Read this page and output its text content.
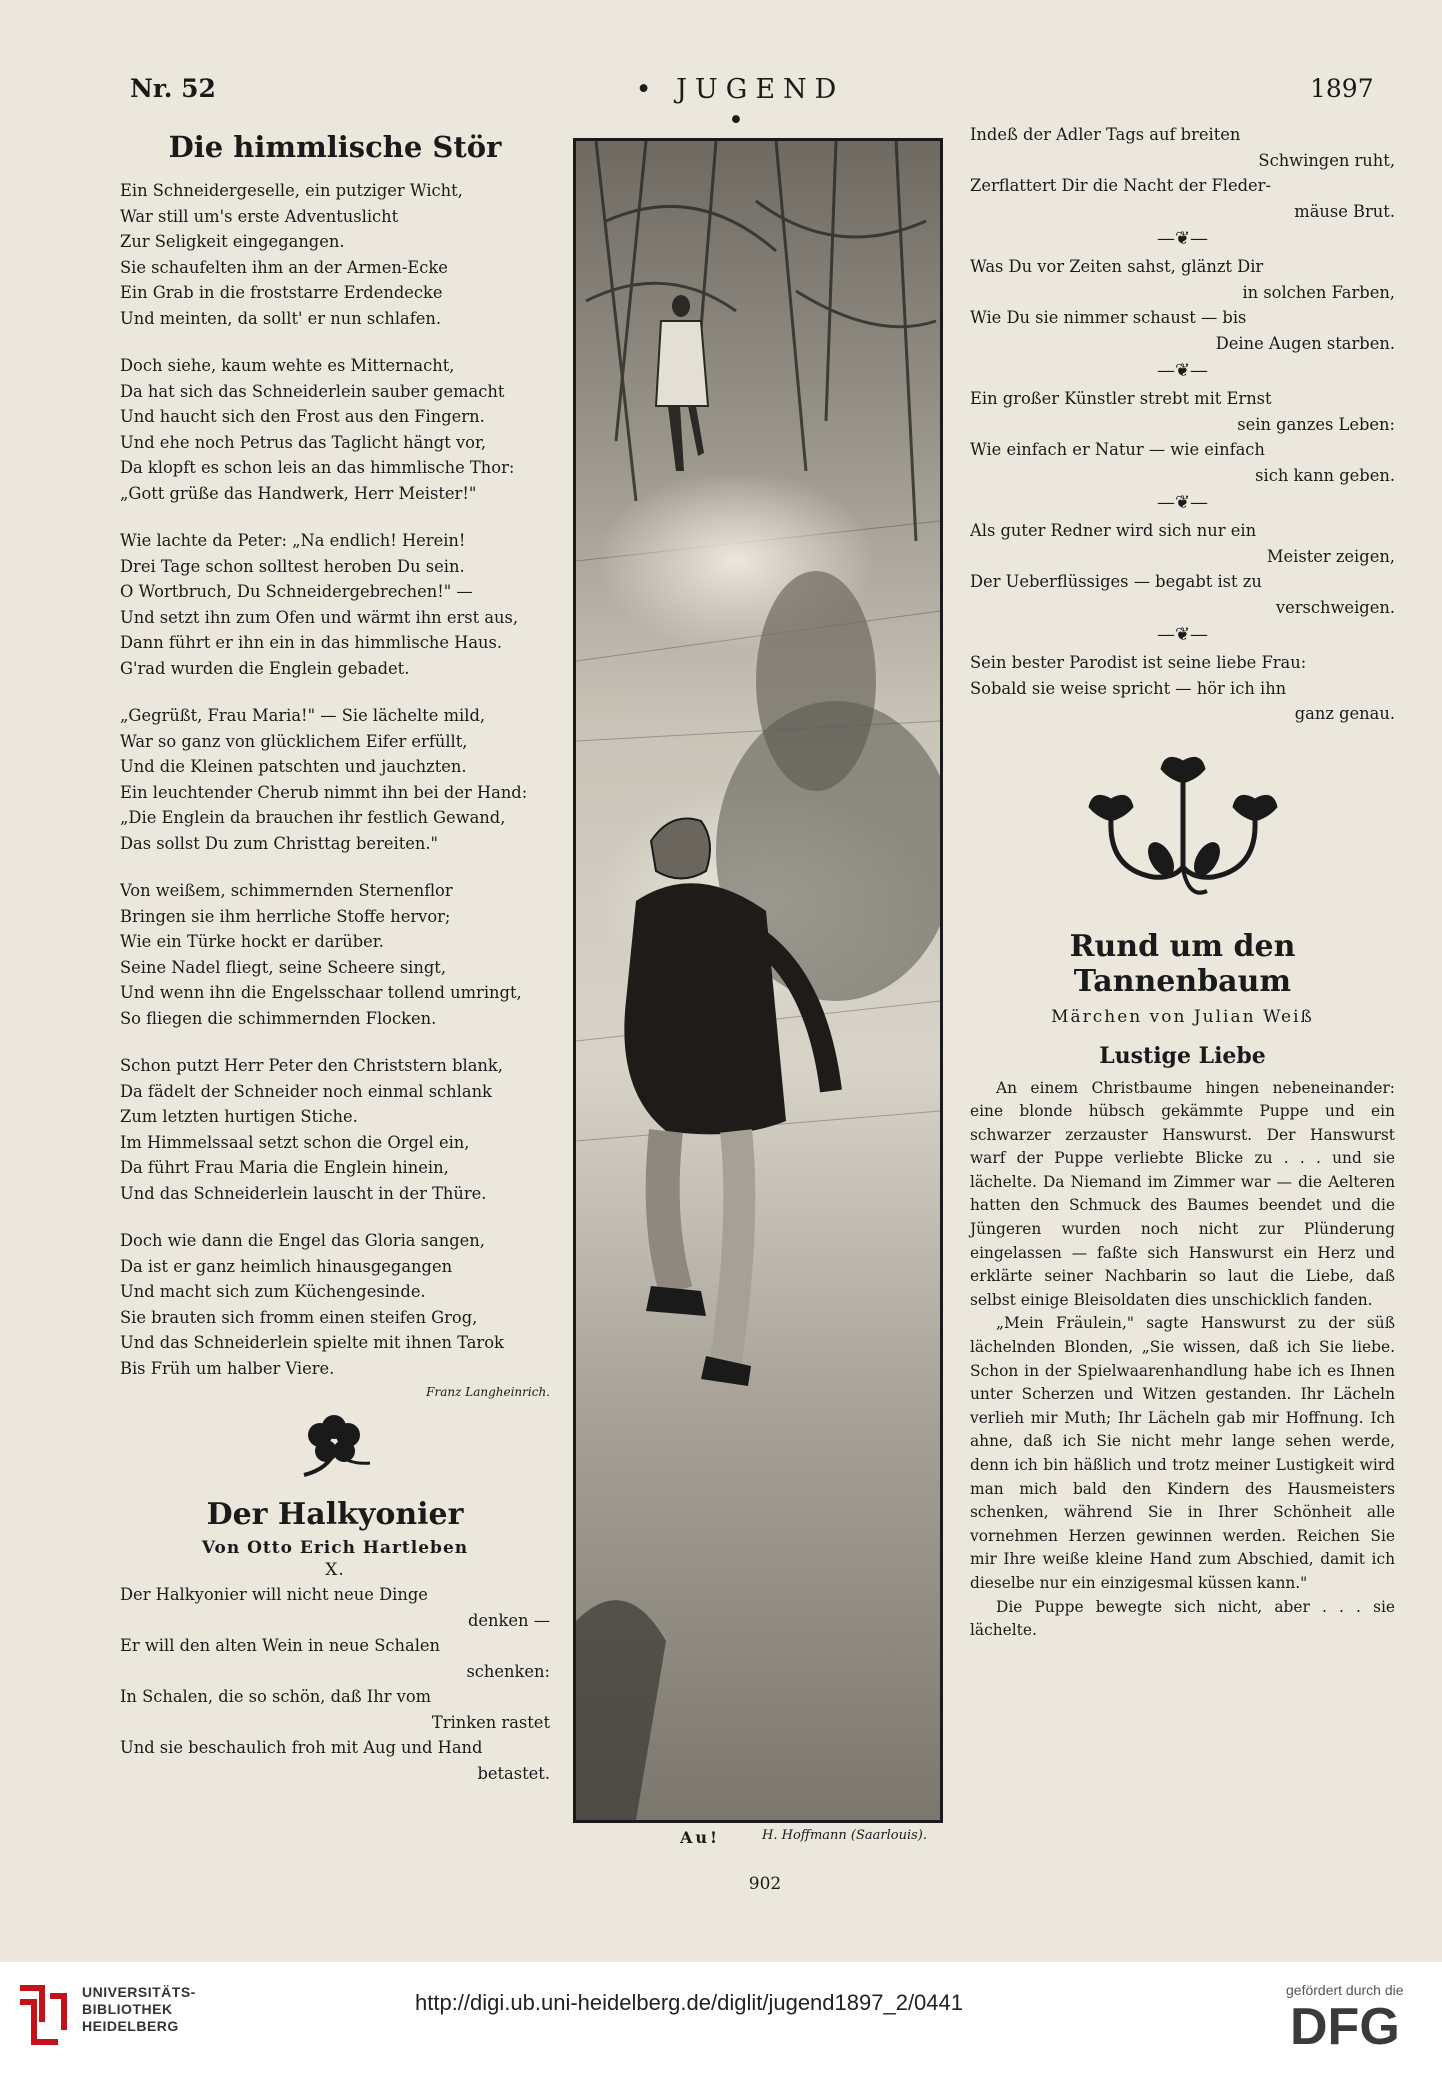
Nr. 52	• JUGEND •
1897
Die himmlische Stör
Ein Schneidergeselle, ein putziger Wicht,
War still um's erste Adventuslicht
Zur Seligkeit eingegangen.
Sie schaufelten ihm an der Armen-Ecke
Ein Grab in die froststarre Erdendecke
Und meinten, da sollt' er nun schlafen.
Doch siehe, kaum wehte es Mitternacht,
Da hat sich das Schneiderlein sauber gemacht
Und haucht sich den Frost aus den Fingern.
Und ehe noch Petrus das Taglicht hängt vor,
Da klopft es schon leis an das himmlische Thor:
„Gott grüße das Handwerk, Herr Meister!"
Wie lachte da Peter: „Na endlich! Herein!
Drei Tage schon solltest heroben Du sein.
O Wortbruch, Du Schneidergebrechen!" —
Und setzt ihn zum Ofen und wärmt ihn erst aus,
Dann führt er ihn ein in das himmlische Haus.
G'rad wurden die Englein gebadet.
„Gegrüßt, Frau Maria!" — Sie lächelte mild,
War so ganz von glücklichem Eifer erfüllt,
Und die Kleinen patschten und jauchzten.
Ein leuchtender Cherub nimmt ihn bei der Hand:
„Die Englein da brauchen ihr festlich Gewand,
Das sollst Du zum Christtag bereiten."
Von weißem, schimmernden Sternenflor
Bringen sie ihm herrliche Stoffe hervor;
Wie ein Türke hockt er darüber.
Seine Nadel fliegt, seine Scheere singt,
Und wenn ihn die Engelsschaar tollend umringt,
So fliegen die schimmernden Flocken.
Schon putzt Herr Peter den Christstern blank,
Da fädelt der Schneider noch einmal schlank
Zum letzten hurtigen Stiche.
Im Himmelssaal setzt schon die Orgel ein,
Da führt Frau Maria die Englein hinein,
Und das Schneiderlein lauscht in der Thüre.
Doch wie dann die Engel das Gloria sangen,
Da ist er ganz heimlich hinausgegangen
Und macht sich zum Küchengesinde.
Sie brauten sich fromm einen steifen Grog,
Und das Schneiderlein spielte mit ihnen Tarok
Bis Früh um halber Viere.
Franz Langheinrich.
Der Halkyonier
Von Otto Erich Hartleben
X.
Der Halkyonier will nicht neue Dinge
denken —
Er will den alten Wein in neue Schalen
schenken:
In Schalen, die so schön, daß Ihr vom
Trinken rastet
Und sie beschaulich froh mit Aug und Hand
betastet.
Au!	H. Hoffmann (Saarlouis).
Indeß der Adler Tags auf breiten
Schwingen ruht,
Zerflattert Dir die Nacht der Fleder-
mäuse Brut.
—❦—
Was Du vor Zeiten sahst, glänzt Dir
in solchen Farben,
Wie Du sie nimmer schaust — bis
Deine Augen starben.
—❦—
Ein großer Künstler strebt mit Ernst
sein ganzes Leben:
Wie einfach er Natur — wie einfach
sich kann geben.
—❦—
Als guter Redner wird sich nur ein
Meister zeigen,
Der Ueberflüssiges — begabt ist zu
verschweigen.
—❦—
Sein bester Parodist ist seine liebe Frau:
Sobald sie weise spricht — hör ich ihn
ganz genau.
Rund um den Tannenbaum
Märchen von Julian Weiß
Lustige Liebe

An einem Christbaume hingen nebeneinander: eine blonde hübsch gekämmte Puppe und ein schwarzer zerzauster Hanswurst. Der Hanswurst warf der Puppe verliebte Blicke zu . . . und sie lächelte. Da Niemand im Zimmer war — die Aelteren hatten den Schmuck des Baumes beendet und die Jüngeren wurden noch nicht zur Plünderung eingelassen — faßte sich Hanswurst ein Herz und erklärte seiner Nachbarin so laut die Liebe, daß selbst einige Bleisoldaten dies unschicklich fanden.

„Mein Fräulein," sagte Hanswurst zu der süß lächelnden Blonden, „Sie wissen, daß ich Sie liebe. Schon in der Spielwaarenhandlung habe ich es Ihnen unter Scherzen und Witzen gestanden. Ihr Lächeln verlieh mir Muth; Ihr Lächeln gab mir Hoffnung. Ich ahne, daß ich Sie nicht mehr lange sehen werde, denn ich bin häßlich und trotz meiner Lustigkeit wird man mich bald den Kindern des Hausmeisters schenken, während Sie in Ihrer Schönheit alle vornehmen Herzen gewinnen werden. Reichen Sie mir Ihre weiße kleine Hand zum Abschied, damit ich dieselbe nur ein einzigesmal küssen kann."

Die Puppe bewegte sich nicht, aber . . . sie lächelte.

902
UNIVERSITÄTS-
BIBLIOTHEK
HEIDELBERG
http://digi.ub.uni-heidelberg.de/diglit/jugend1897_2/0441	gefördert durch die
DFG
